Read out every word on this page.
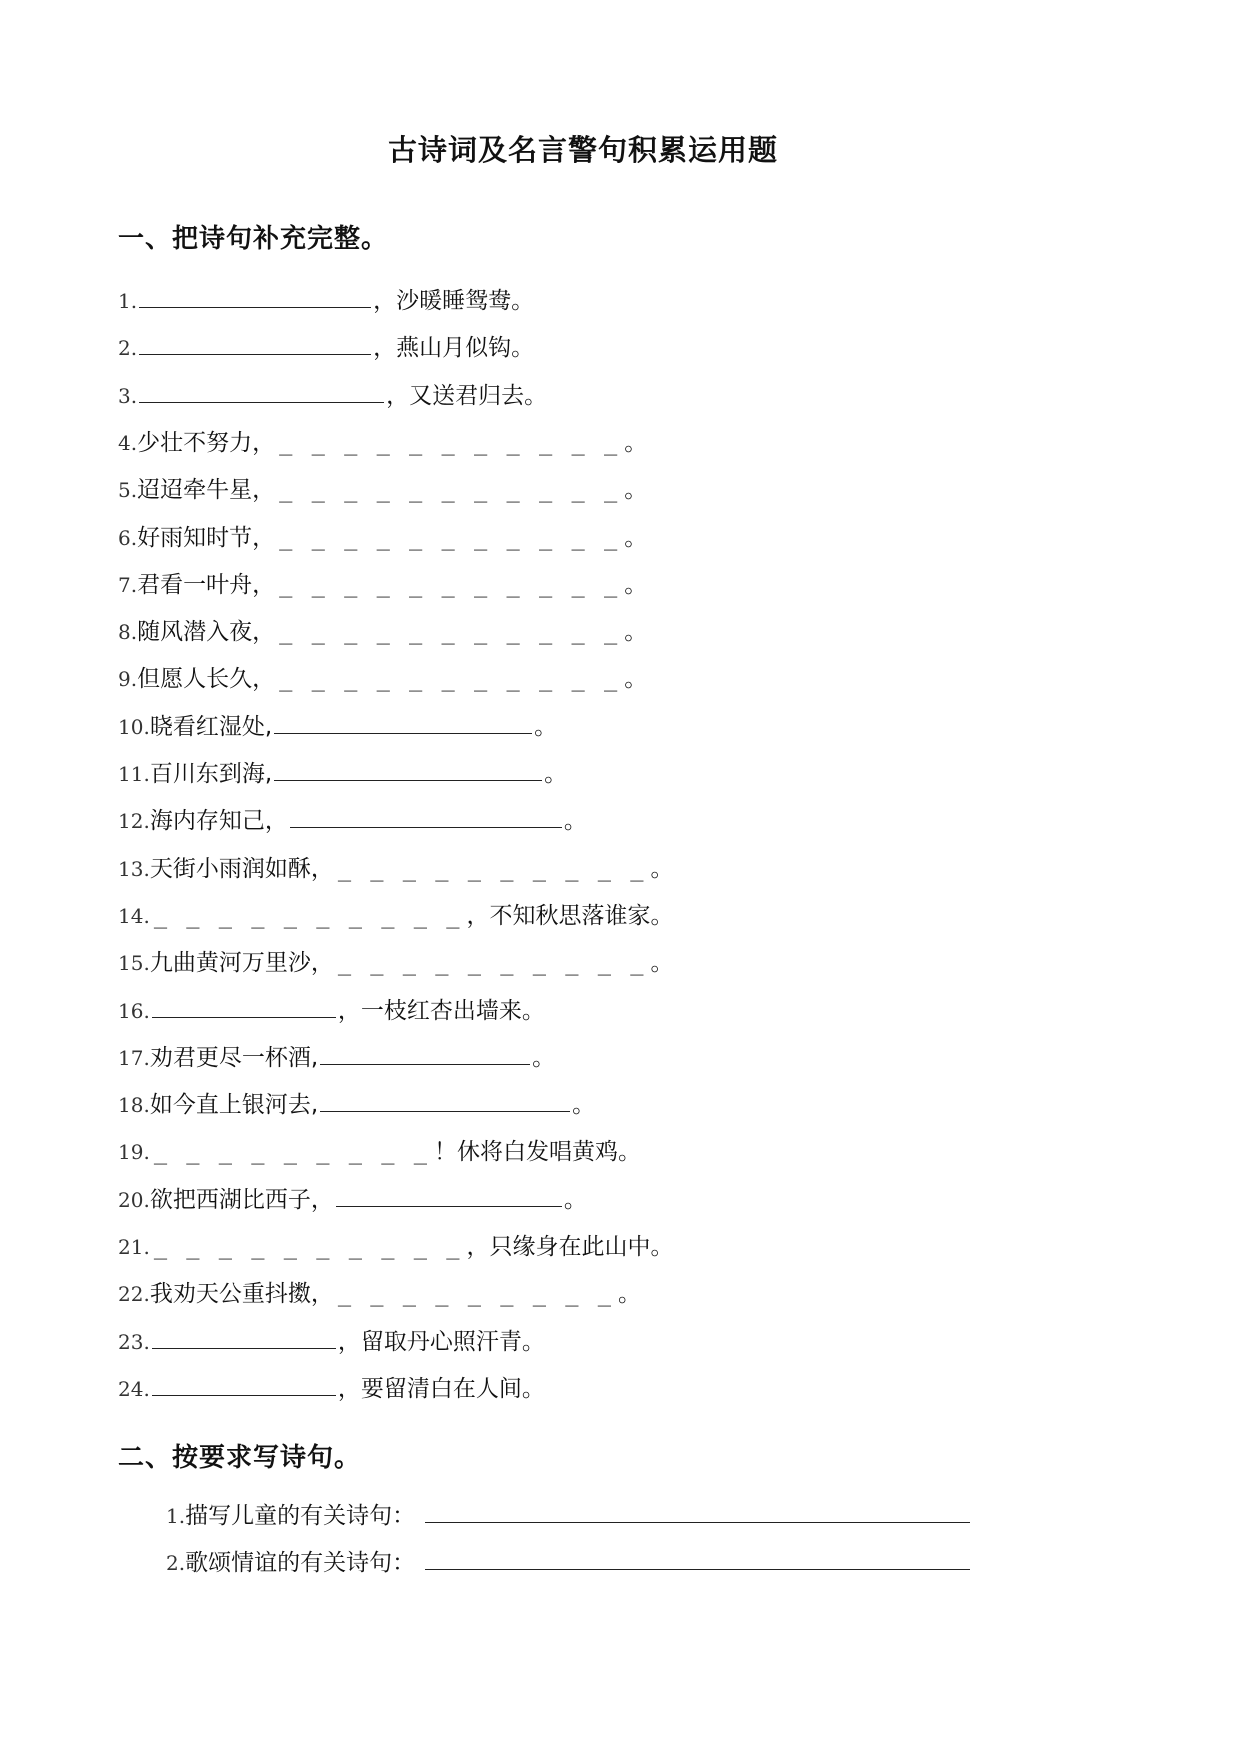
古诗词及名言警句积累运用题
一、把诗句补充完整。
1.	，沙暖睡鸳鸯。
2.	，燕山月似钩。
3.	，又送君归去。
4. 少壮不努力， _ _ _ _ _ _ _ _ _ _ _ 。
5. 迢迢牵牛星， _ _ _ _ _ _ _ _ _ _ _ 。
6. 好雨知时节， _ _ _ _ _ _ _ _ _ _ _ 。
7. 君看一叶舟， _ _ _ _ _ _ _ _ _ _ _ 。
8. 随风潜入夜， _ _ _ _ _ _ _ _ _ _ _ 。
9. 但愿人长久， _ _ _ _ _ _ _ _ _ _ _ 。
10. 晓看红湿处,	。
11. 百川东到海,	。
12. 海内存知己，	。
13. 天街小雨润如酥， _ _ _ _ _ _ _ _ _ _ 。
14. _ _ _ _ _ _ _ _ _ _ ，不知秋思落谁家。
15. 九曲黄河万里沙， _ _ _ _ _ _ _ _ _ _ 。
16.	，一枝红杏出墙来。
17. 劝君更尽一杯酒,	。
18. 如今直上银河去,	。
19. _ _ _ _ _ _ _ _ _ ！休将白发唱黄鸡。
20. 欲把西湖比西子，	。
21. _ _ _ _ _ _ _ _ _ _ ，只缘身在此山中。
22. 我劝天公重抖擞， _ _ _ _ _ _ _ _ _ 。
23.	，留取丹心照汗青。
24.	，要留清白在人间。
二、按要求写诗句。
1. 描写儿童的有关诗句：
2. 歌颂情谊的有关诗句：
